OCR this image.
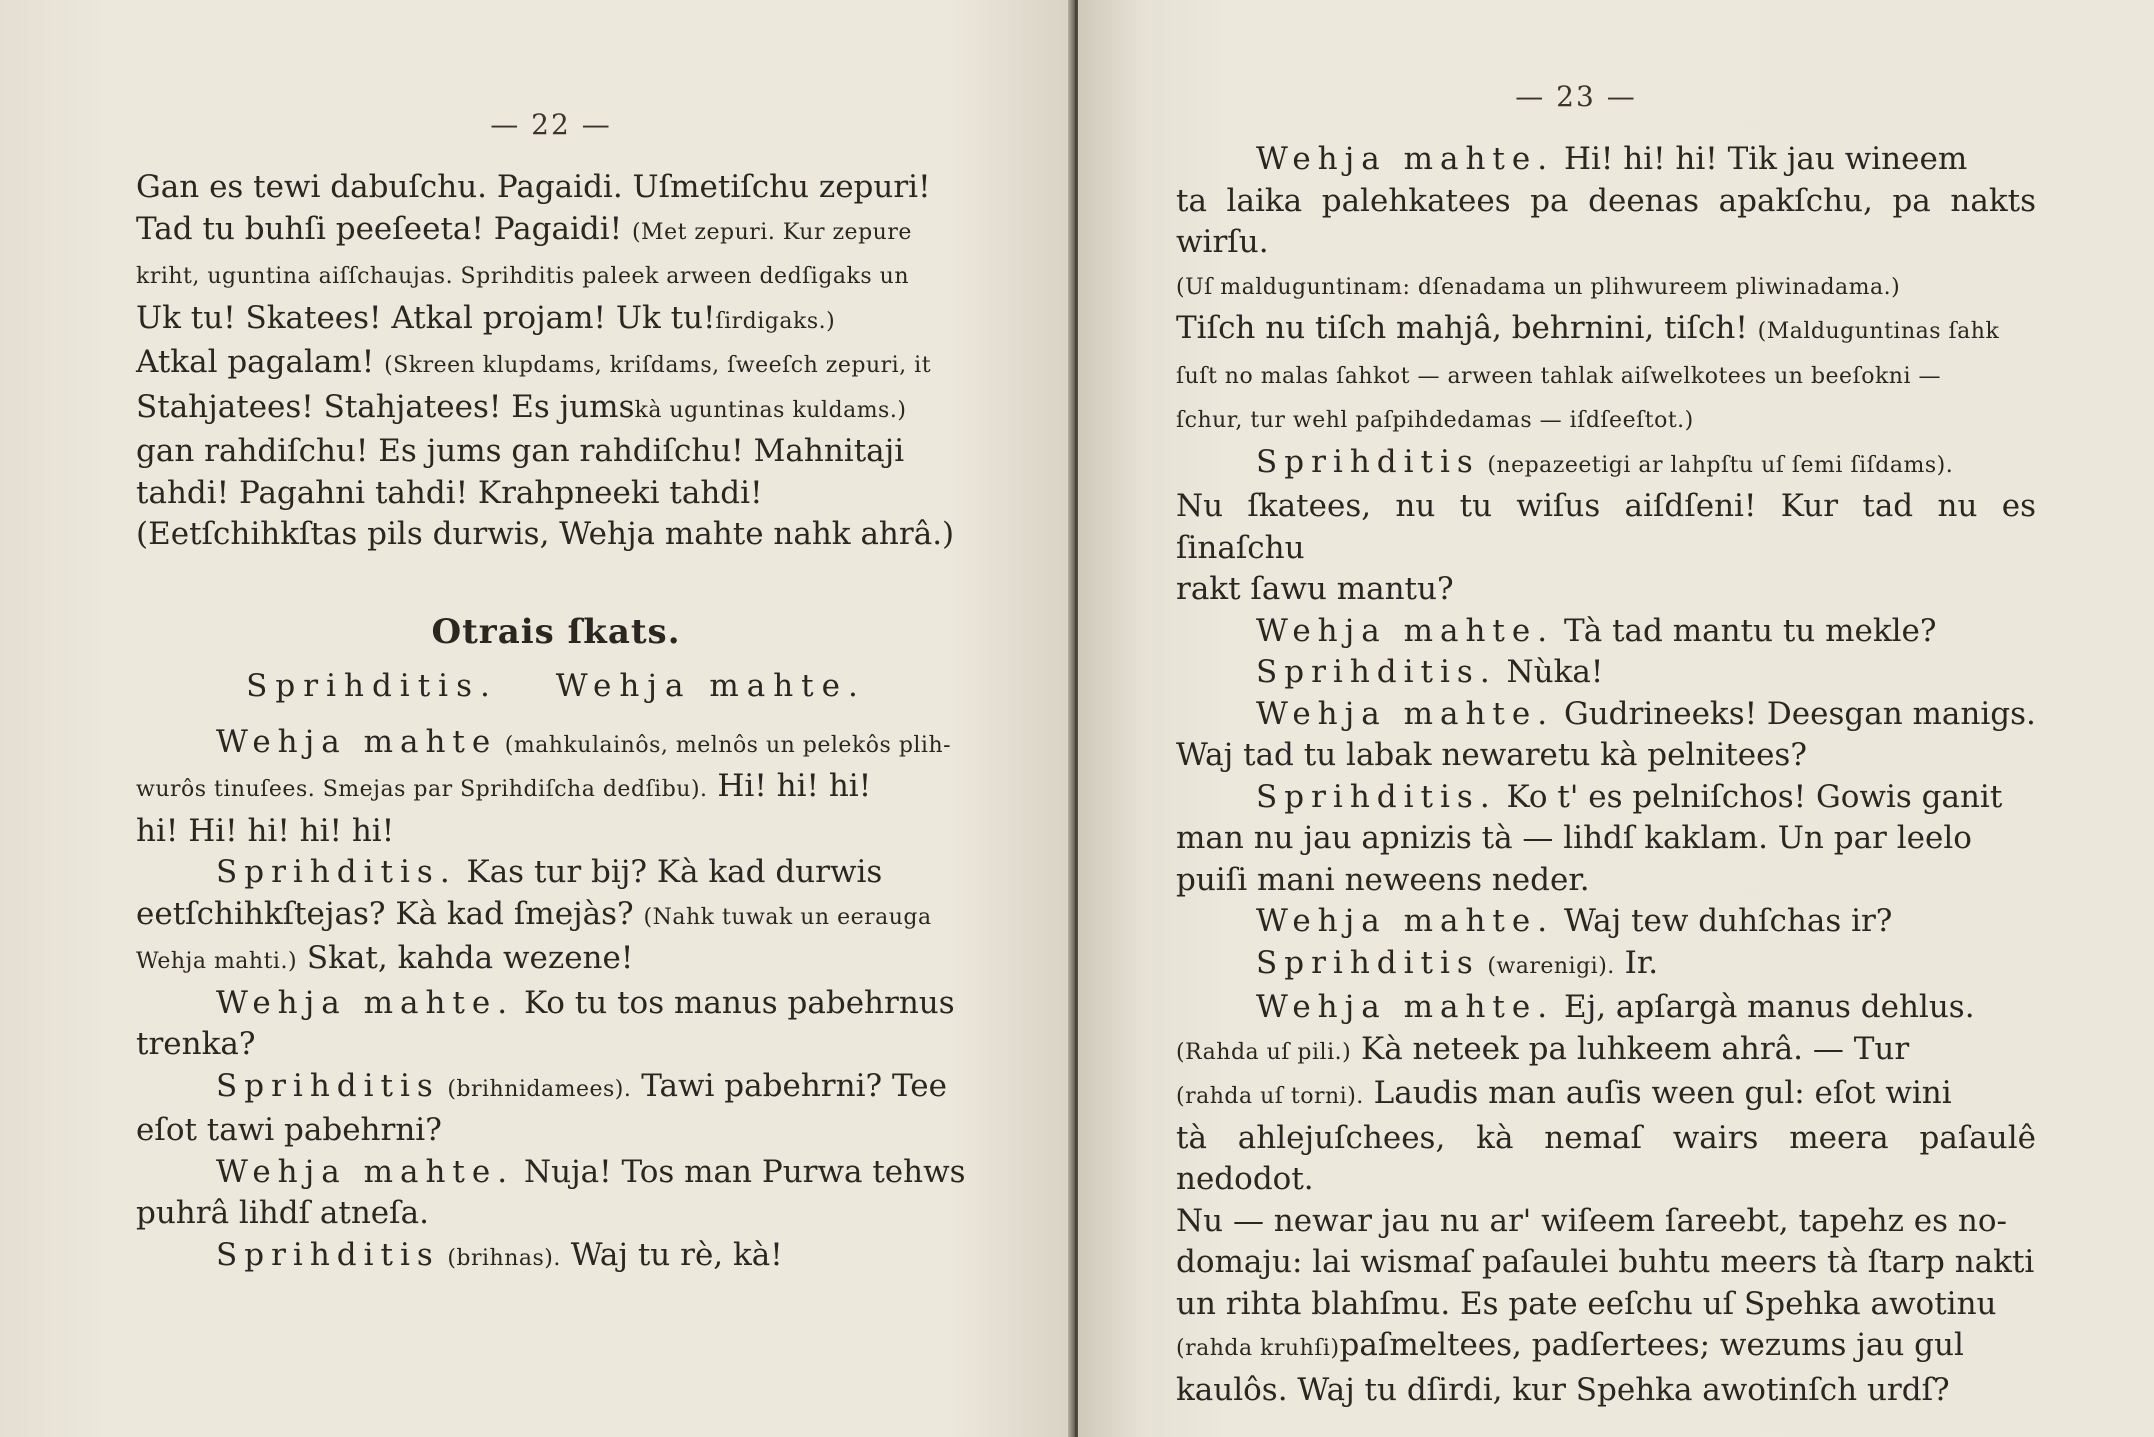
— 22 —

Gan es tewi dabuſchu. Pagaidi. Uſmetiſchu zepuri!

Tad tu buhſi peeſeeta! Pagaidi! (Met zepuri. Kur zepure

kriht, uguntina aiſſchaujas. Sprihditis paleek arween dedſigaks un

Uk tu! Skatees! Atkal projam! Uk tu!ſirdigaks.)

Atkal pagalam! (Skreen klupdams, kriſdams, ſweeſch zepuri, it

Stahjatees! Stahjatees! Es jumskà uguntinas kuldams.)

gan rahdiſchu! Es jums gan rahdiſchu! Mahnitaji

tahdi! Pagahni tahdi! Krahpneeki tahdi!

(Eetſchihkſtas pils durwis, Wehja mahte nahk ahrâ.)

Otrais ſkats.
Sprihditis. Wehja mahte.

Wehja mahte (mahkulainôs, melnôs un pelekôs plih-

wurôs tinuſees. Smejas par Sprihdiſcha dedſibu). Hi! hi! hi!

hi! Hi! hi! hi! hi!

Sprihditis. Kas tur bij? Kà kad durwis

eetſchihkſtejas? Kà kad ſmejàs? (Nahk tuwak un eerauga

Wehja mahti.) Skat, kahda wezene!

Wehja mahte. Ko tu tos manus pabehrnus

trenka?

Sprihditis (brihnidamees). Tawi pabehrni? Tee

eſot tawi pabehrni?

Wehja mahte. Nuja! Tos man Purwa tehws

puhrâ lihdſ atneſa.

Sprihditis (brihnas). Waj tu rè, kà!

— 23 —

Wehja mahte. Hi! hi! hi! Tik jau wineem

ta laika palehkatees pa deenas apakſchu, pa nakts wirſu.

(Uſ malduguntinam: dſenadama un plihwureem pliwinadama.)

Tiſch nu tiſch mahjâ, behrnini, tiſch! (Malduguntinas ſahk

ſuſt no malas ſahkot — arween tahlak aiſwelkotees un beeſokni —

ſchur, tur wehl paſpihdedamas — iſdſeeſtot.)

Sprihditis (nepazeetigi ar lahpſtu uſ ſemi ſiſdams).

Nu ſkatees, nu tu wiſus aiſdſeni! Kur tad nu es ſinaſchu

rakt ſawu mantu?

Wehja mahte. Tà tad mantu tu mekle?

Sprihditis. Nùka!

Wehja mahte. Gudrineeks! Deesgan manigs.

Waj tad tu labak newaretu kà pelnitees?

Sprihditis. Ko t' es pelniſchos! Gowis ganit

man nu jau apnizis tà — lihdſ kaklam. Un par leelo

puiſi mani neweens neder.

Wehja mahte. Waj tew duhſchas ir?

Sprihditis (warenigi). Ir.

Wehja mahte. Ej, apſargà manus dehlus.

(Rahda uſ pili.) Kà neteek pa luhkeem ahrâ. — Tur

(rahda uſ torni). Laudis man auſis ween gul: eſot wini

tà ahlejuſchees, kà nemaſ wairs meera paſaulê nedodot.

Nu — newar jau nu ar' wiſeem ſareebt, tapehz es no-

domaju: lai wismaſ paſaulei buhtu meers tà ſtarp nakti

un rihta blahſmu. Es pate eeſchu uſ Spehka awotinu

(rahda kruhſi)paſmeltees, padſertees; wezums jau gul

kaulôs. Waj tu dſirdi, kur Spehka awotinſch urdſ?
